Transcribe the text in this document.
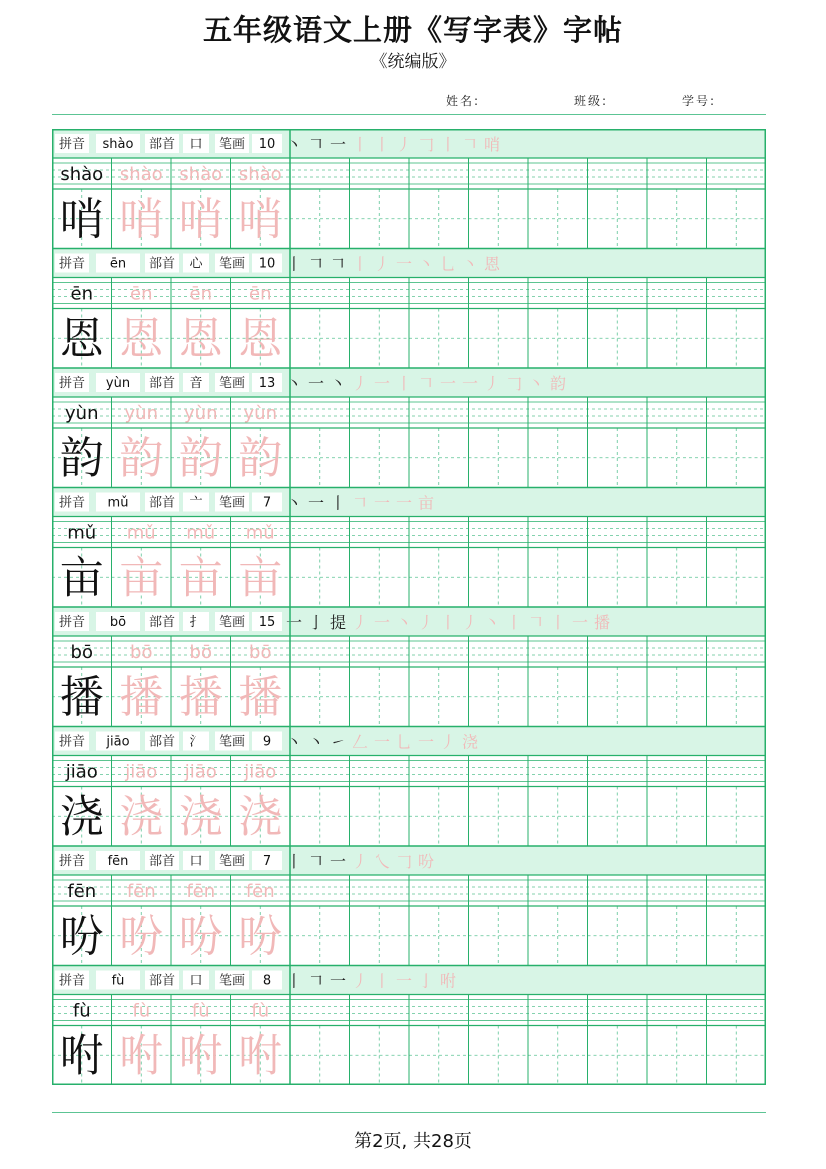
五年级语文上册《写字表》字帖
《统编版》
姓名:	班级:	学号:
拼音 shào 部首 口 笔画 10 丶 𠃍 一 丨 丨 丿 𠃌 丨 𠃍 哨
shào
哨
shào
哨
shào
哨
shào
哨
拼音 ēn 部首 心 笔画 10 丨 𠃍 𠃍 丨 丿 一 丶 乚 丶 恩
ēn
恩
ēn
恩
ēn
恩
ēn
恩
拼音 yùn 部首 音 笔画 13 丶 一 丶 丿 一 丨 𠃍 一 一 丿 𠃌 丶 韵
yùn
韵
yùn
韵
yùn
韵
yùn
韵
拼音 mǔ 部首 亠 笔画 7 丶 一 丨 𠃍 一 一 亩
mǔ
亩
mǔ
亩
mǔ
亩
mǔ
亩
拼音 bō 部首 扌 笔画 15 一 亅 提 丿 一 丶 丿 丨 丿 丶 丨 𠃍 丨 一 播
bō
播
bō
播
bō
播
bō
播
拼音 jiāo 部首 氵 笔画 9 丶 丶 ㇀ 𠃋 一 乚 一 丿 浇
jiāo
浇
jiāo
浇
jiāo
浇
jiāo
浇
拼音 fēn 部首 口 笔画 7 丨 𠃍 一 丿 乀 𠃌 吩
fēn
吩
fēn
吩
fēn
吩
fēn
吩
拼音 fù 部首 口 笔画 8 丨 𠃍 一 丿 丨 一 亅 咐
fù
咐
fù
咐
fù
咐
fù
咐
第2页, 共28页
